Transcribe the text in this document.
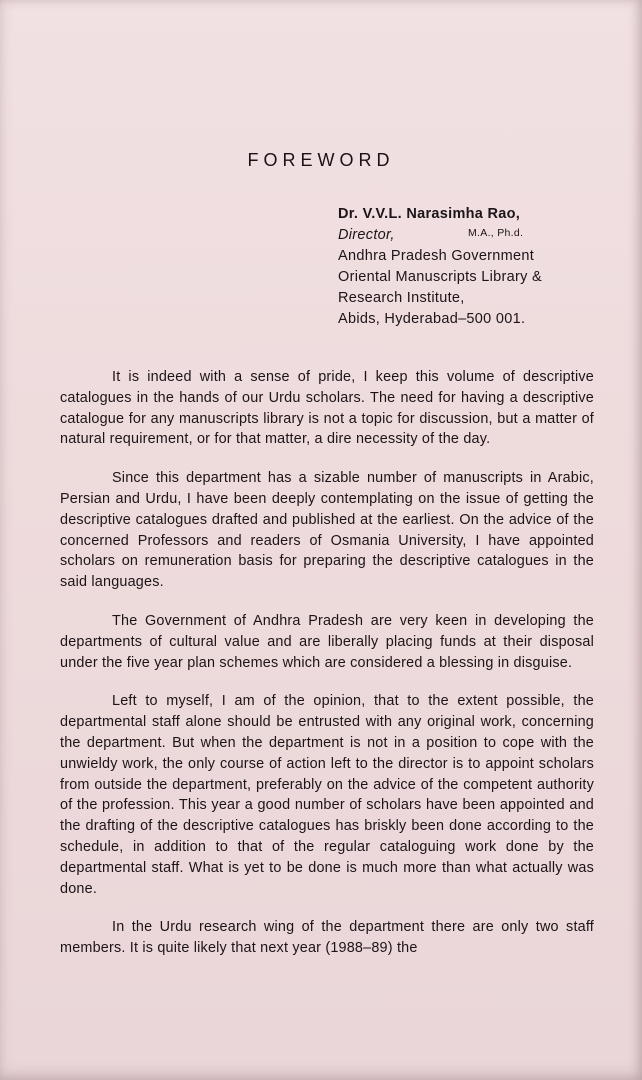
FOREWORD
Dr. V.V.L. Narasimha Rao,
Director,	M.A., Ph.d.
Andhra Pradesh Government
Oriental Manuscripts Library &
Research Institute,
Abids, Hyderabad–500 001.

It is indeed with a sense of pride, I keep this volume of descriptive catalogues in the hands of our Urdu scholars. The need for having a descriptive catalogue for any manuscripts library is not a topic for discussion, but a matter of natural requirement, or for that matter, a dire necessity of the day.

Since this department has a sizable number of manuscripts in Arabic, Persian and Urdu, I have been deeply contemplating on the issue of getting the descriptive catalogues drafted and published at the earliest. On the advice of the concerned Professors and readers of Osmania University, I have appointed scholars on remuneration basis for preparing the descriptive catalogues in the said languages.

The Government of Andhra Pradesh are very keen in developing the departments of cultural value and are liberally placing funds at their disposal under the five year plan schemes which are considered a blessing in disguise.

Left to myself, I am of the opinion, that to the extent possible, the departmental staff alone should be entrusted with any original work, concerning the department. But when the department is not in a position to cope with the unwieldy work, the only course of action left to the director is to appoint scholars from outside the department, preferably on the advice of the competent authority of the profession. This year a good number of scholars have been appointed and the drafting of the descriptive catalogues has briskly been done according to the schedule, in addition to that of the regular cataloguing work done by the departmental staff. What is yet to be done is much more than what actually was done.

In the Urdu research wing of the department there are only two staff members. It is quite likely that next year (1988–89) the
